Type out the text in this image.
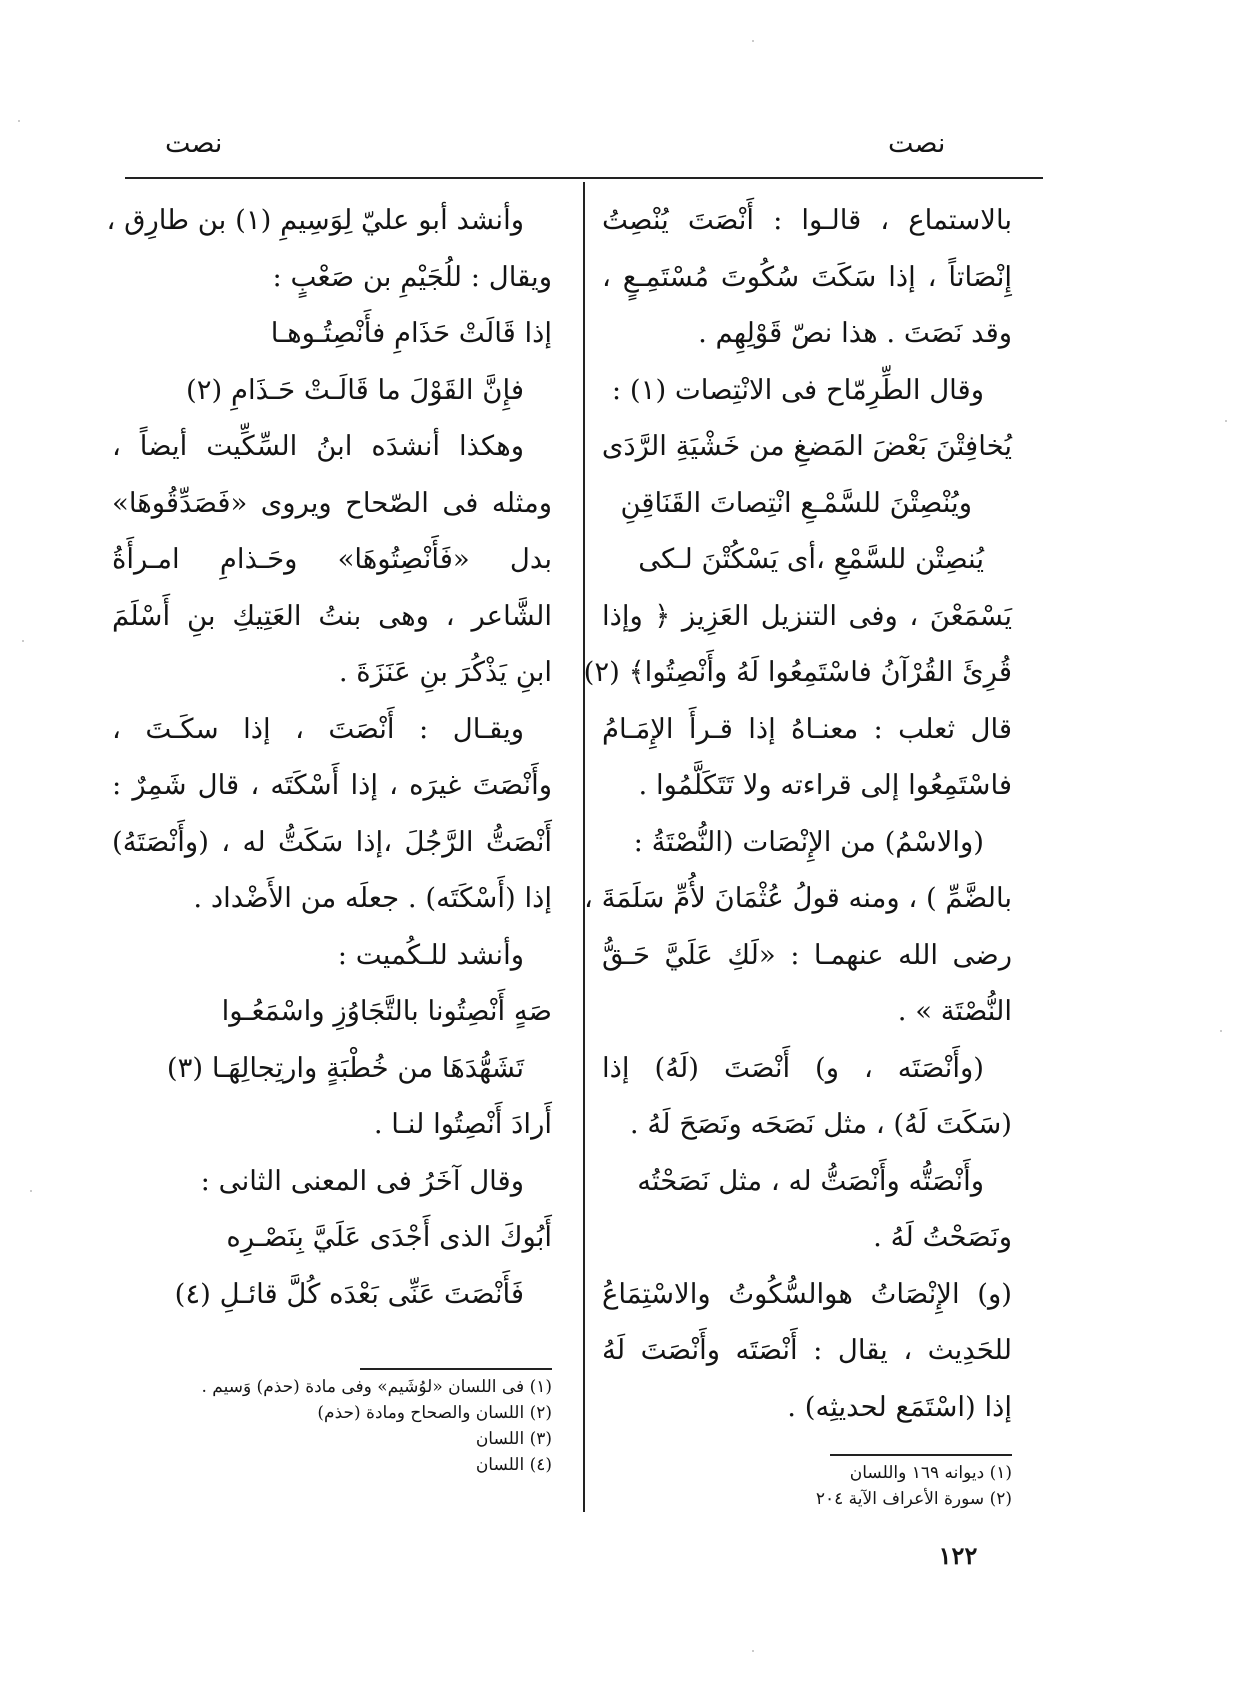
نصت	نصت
بالاستماع ، قالـوا : أَنْصَتَ يُنْصِتُ
إِنْصَاتاً ، إذا سَكَتَ سُكُوتَ مُسْتَمِـعٍ ،
وقد نَصَتَ . هذا نصّ قَوْلِهِم .
وقال الطِّرِمّاح فى الانْتِصات (١) :
يُخافِتْنَ بَعْضَ المَضغِ من خَشْيَةِ الرَّدَى
ويُنْصِتْنَ للسَّمْـعِ انْتِصاتَ القَنَاقِنِ
يُنصِتْن للسَّمْعِ ،أى يَسْكُتْنَ لـكى
يَسْمَعْنَ ، وفى التنزيل العَزِيز ﴿ وإذا
قُرِئَ القُرْآنُ فاسْتَمِعُوا لَهُ وأَنْصِتُوا﴾ (٢)
قال ثعلب : معنـاهُ إذا قـرأَ الإِمَـامُ
فاسْتَمِعُوا إلى قراءته ولا تَتَكَلَّمُوا .
(والاسْمُ) من الإِنْصَات (النُّصْتَةُ :
بالضَّمِّ ) ، ومنه قولُ عُثْمَانَ لأُمِّ سَلَمَةَ ،
رضى الله عنهمـا : «لَكِ عَلَيَّ حَـقُّ
النُّصْتَة » .
(وأَنْصَتَه ، و) أَنْصَتَ (لَهُ) إذا
(سَكَتَ لَهُ) ، مثل نَصَحَه ونَصَحَ لَهُ .
وأَنْصَتُّه وأَنْصَتُّ له ، مثل نَصَحْتُه
ونَصَحْتُ لَهُ .
(و) الإِنْصَاتُ هوالسُّكُوتُ والاسْتِمَاعُ
للحَدِيث ، يقال : أَنْصَتَه وأَنْصَتَ لَهُ
إذا (اسْتَمَع لحديثِه) .
(١) ديوانه ١٦٩ واللسان
(٢) سورة الأعراف الآية ٢٠٤
وأنشد أبو عليّ لِوَسِيمِ (١) بن طارِق ،
ويقال : للُجَيْمِ بن صَعْبٍ :
إذا قَالَتْ حَذَامِ فأَنْصِتُـوهـا
فإِنَّ القَوْلَ ما قَالَـتْ حَـذَامِ (٢)
وهكذا أنشدَه ابنُ السِّكِّيت أيضاً ،
ومثله فى الصّحاح ويروى «فَصَدِّقُوهَا»
بدل «فَأَنْصِتُوهَا» وحَـذامِ امـرأَةُ
الشَّاعر ، وهى بنتُ العَتِيكِ بنِ أَسْلَمَ
ابنِ يَذْكُرَ بنِ عَنَزَةَ .
ويقـال : أَنْصَتَ ، إذا سكَـتَ ،
وأَنْصَتَ غيرَه ، إذا أَسْكَتَه ، قال شَمِرٌ :
أَنْصَتُّ الرَّجُلَ ،إذا سَكَتُّ له ، (وأَنْصَتَهُ)
إذا (أَسْكَتَه) . جعلَه من الأَضْداد .
وأنشد للـكُميت :
صَهٍ أَنْصِتُونا بالتَّجَاوُزِ واسْمَعُـوا
تَشَهُّدَهَا من خُطْبَةٍ وارتِجالِهَـا (٣)
أَرادَ أَنْصِتُوا لنـا .
وقال آخَرُ فى المعنى الثانى :
أَبُوكَ الذى أَجْدَى عَلَيَّ بِنَصْـرِه
فَأَنْصَتَ عَنِّى بَعْدَه كُلَّ قائـلِ (٤)
(١) فى اللسان «لوُشَيم» وفى مادة (حذم) وَسيم .
(٢) اللسان والصحاح ومادة (حذم)
(٣) اللسان
(٤) اللسان
١٢٢
